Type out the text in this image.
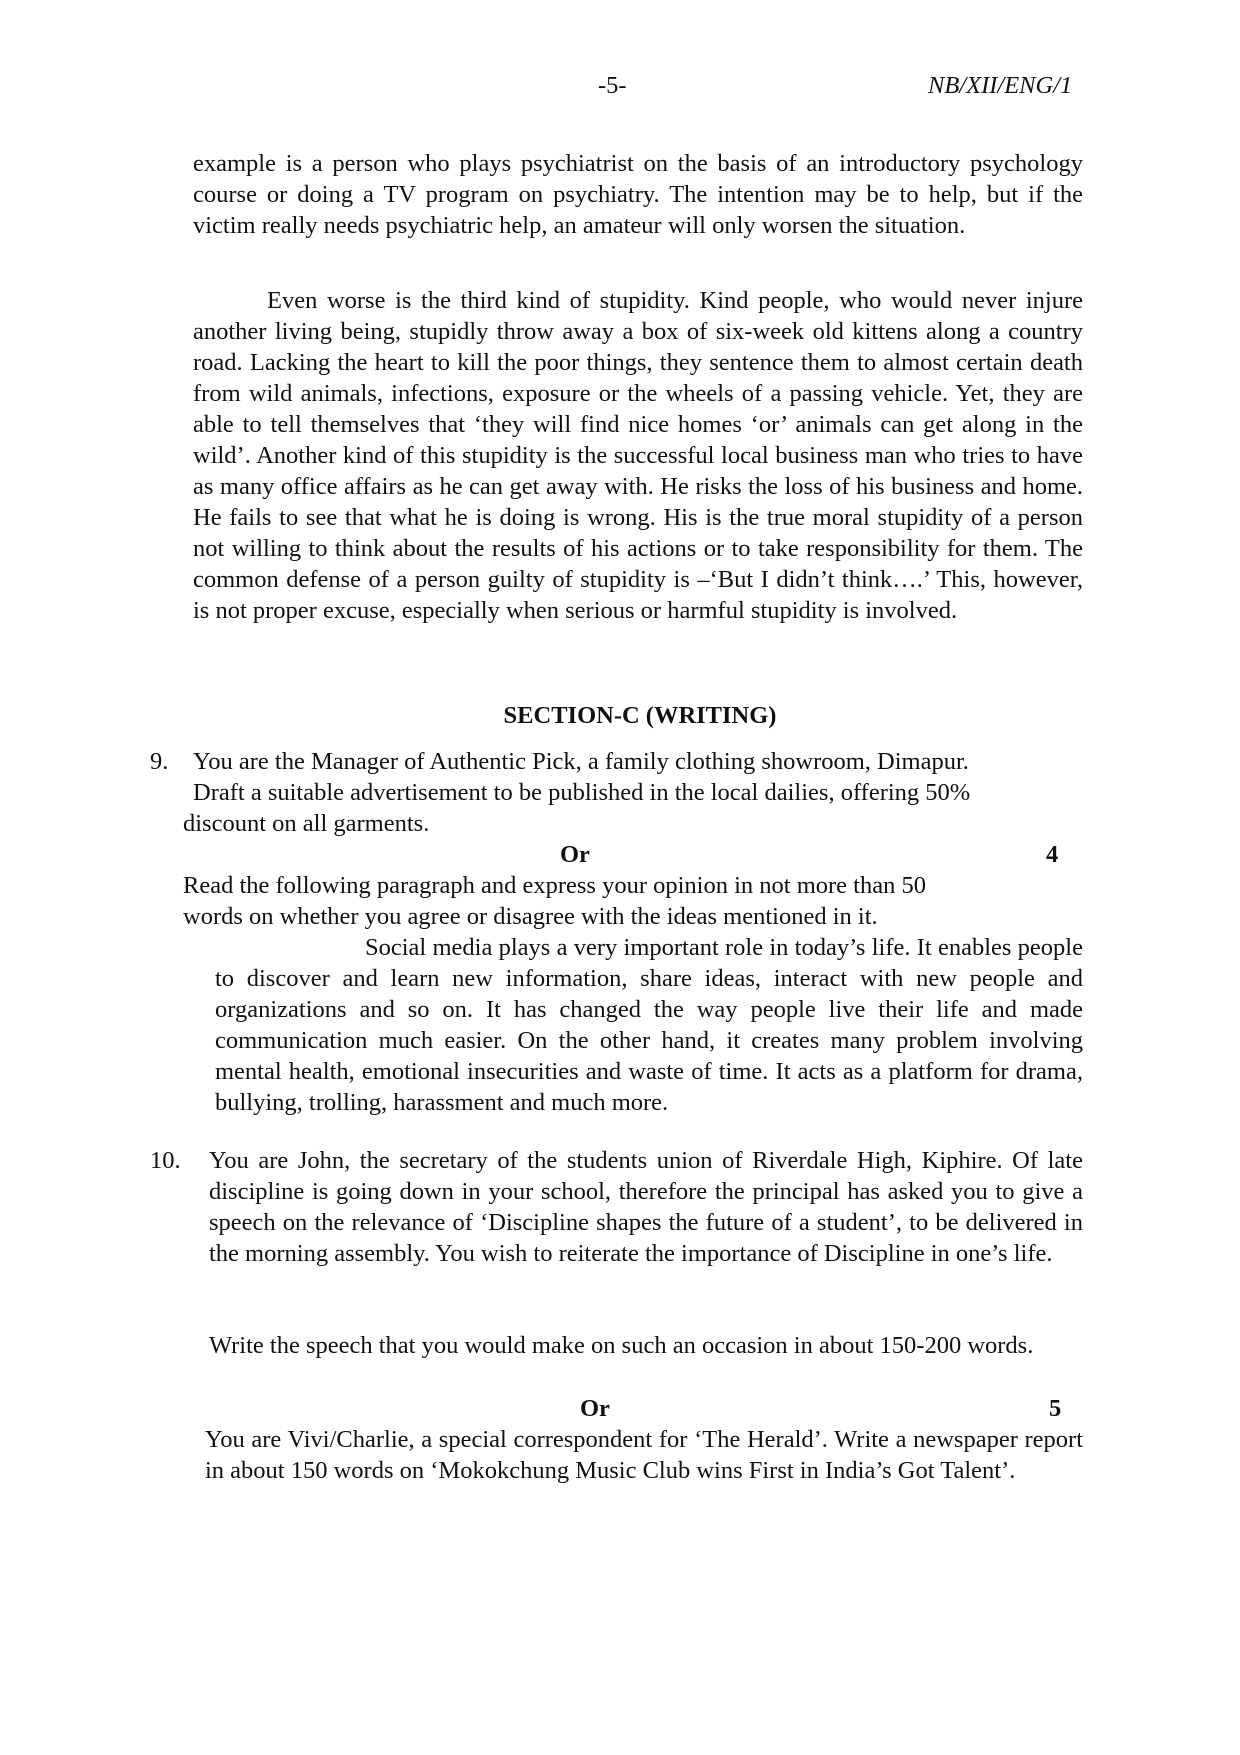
-5-	NB/XII/ENG/1

example is a person who plays psychiatrist on the basis of an introductory psychology course or doing a TV program on psychiatry. The intention may be to help, but if the victim really needs psychiatric help, an amateur will only worsen the situation.

Even worse is the third kind of stupidity. Kind people, who would never injure another living being, stupidly throw away a box of six-week old kittens along a country road. Lacking the heart to kill the poor things, they sentence them to almost certain death from wild animals, infections, exposure or the wheels of a passing vehicle. Yet, they are able to tell themselves that ‘they will find nice homes ‘or’ animals can get along in the wild’. Another kind of this stupidity is the successful local business man who tries to have as many office affairs as he can get away with. He risks the loss of his business and home. He fails to see that what he is doing is wrong. His is the true moral stupidity of a person not willing to think about the results of his actions or to take responsibility for them. The common defense of a person guilty of stupidity is –‘But I didn’t think….’ This, however, is not proper excuse, especially when serious or harmful stupidity is involved.

SECTION-C (WRITING)
9. You are the Manager of Authentic Pick, a family clothing showroom, Dimapur.
Draft a suitable advertisement to be published in the local dailies, offering 50%
discount on all garments.
Or	4
Read the following paragraph and express your opinion in not more than 50
words on whether you agree or disagree with the ideas mentioned in it.

Social media plays a very important role in today’s life. It enables people to discover and learn new information, share ideas, interact with new people and organizations and so on. It has changed the way people live their life and made communication much easier. On the other hand, it creates many problem involving mental health, emotional insecurities and waste of time. It acts as a platform for drama, bullying, trolling, harassment and much more.

10. You are John, the secretary of the students union of Riverdale High, Kiphire. Of late discipline is going down in your school, therefore the principal has asked you to give a speech on the relevance of ‘Discipline shapes the future of a student’, to be delivered in the morning assembly. You wish to reiterate the importance of Discipline in one’s life.

Write the speech that you would make on such an occasion in about 150-200 words.

Or	5

You are Vivi/Charlie, a special correspondent for ‘The Herald’. Write a newspaper report in about 150 words on ‘Mokokchung Music Club wins First in India’s Got Talent’.
